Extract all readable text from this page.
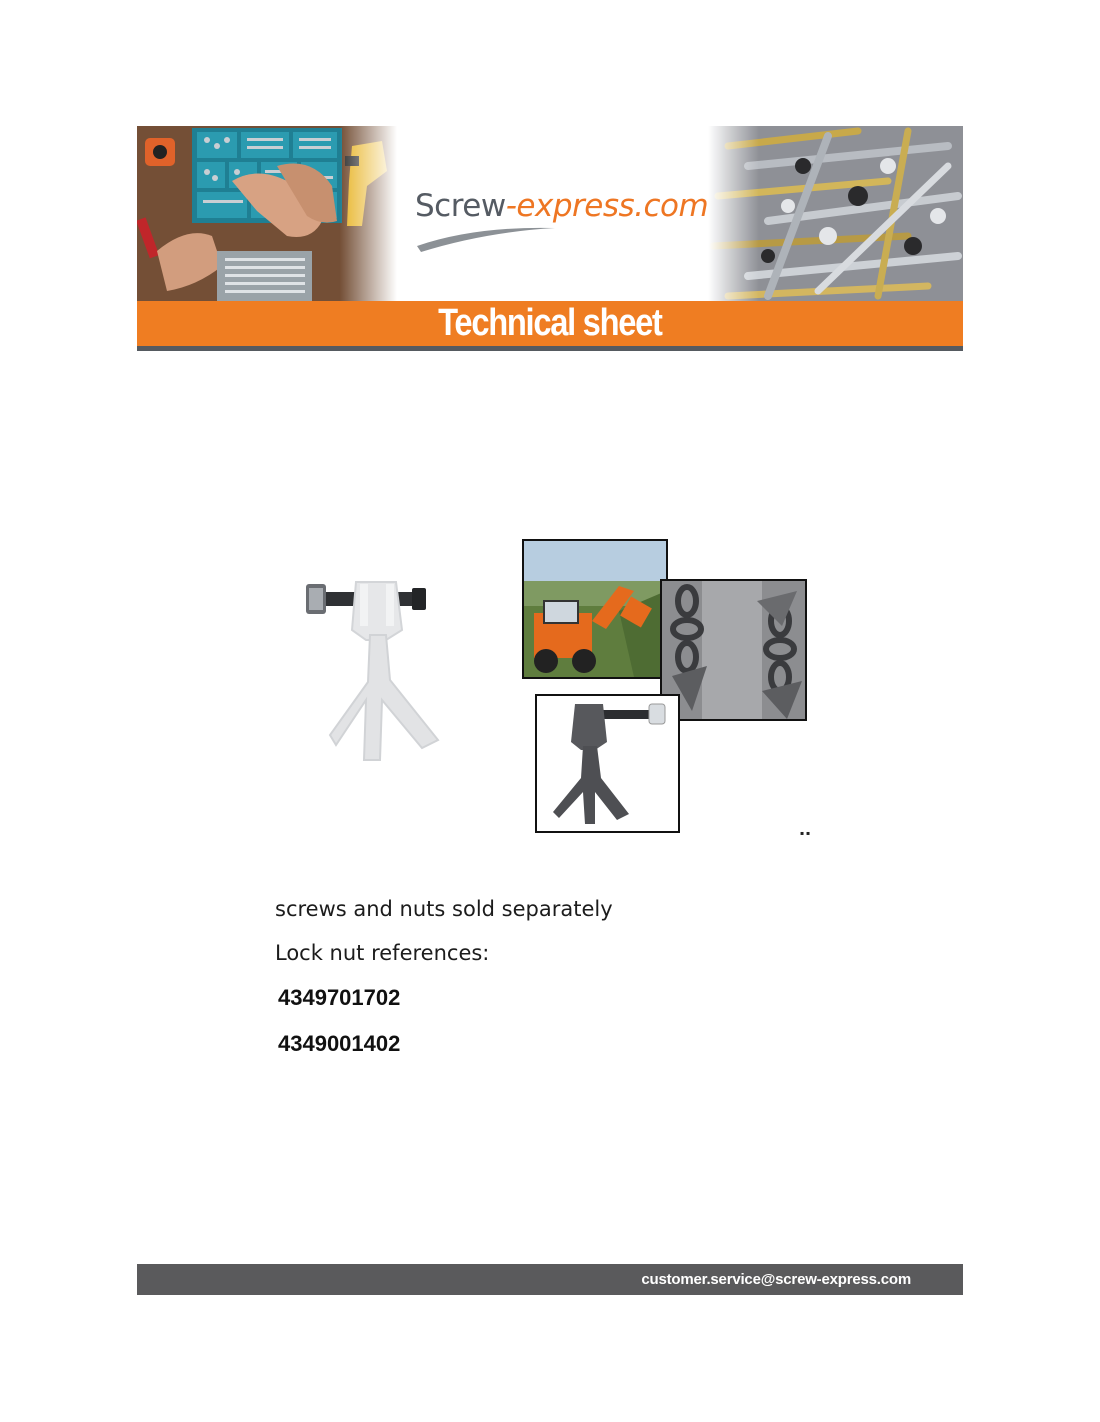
Screw-express.com
Technical sheet
▪ ▪
screws and nuts sold separately
Lock nut references:
4349701702
4349001402
customer.service@screw-express.com
